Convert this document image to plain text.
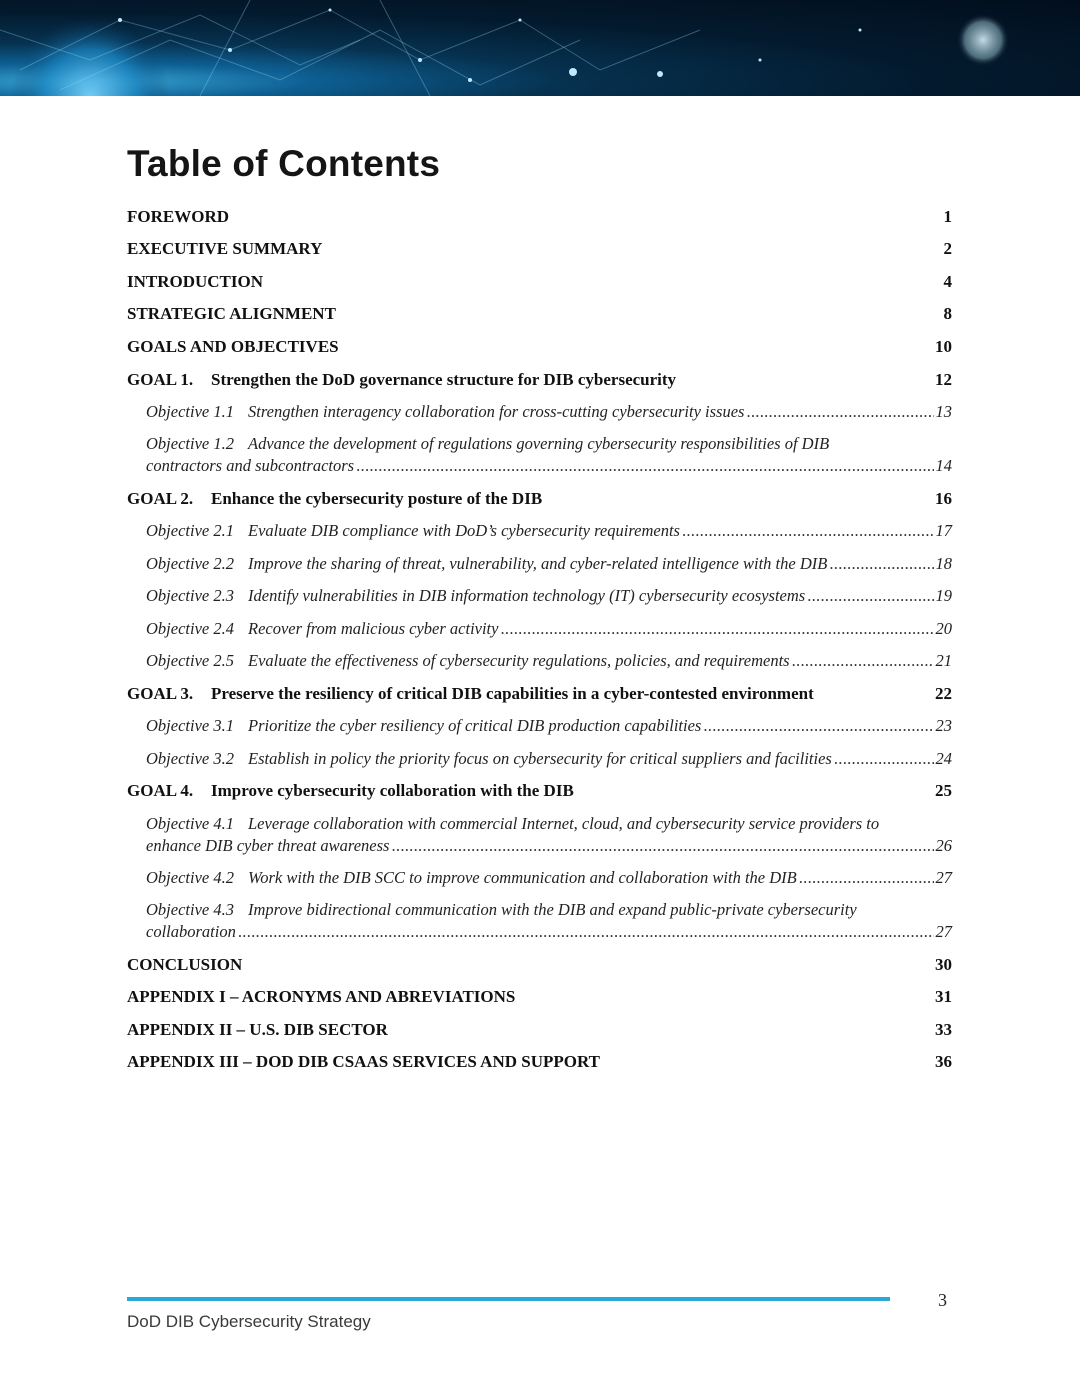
Table of Contents
FOREWORD	1
EXECUTIVE SUMMARY	2
INTRODUCTION	4
STRATEGIC ALIGNMENT	8
GOALS AND OBJECTIVES	10
GOAL 1. Strengthen the DoD governance structure for DIB cybersecurity	12
Objective 1.1 Strengthen interagency collaboration for cross-cutting cybersecurity issues .....	13
Objective 1.2 Advance the development of regulations governing cybersecurity responsibilities of DIB
contractors and subcontractors .....	14
GOAL 2. Enhance the cybersecurity posture of the DIB	16
Objective 2.1 Evaluate DIB compliance with DoD’s cybersecurity requirements .....	17
Objective 2.2 Improve the sharing of threat, vulnerability, and cyber-related intelligence with the DIB .....	18
Objective 2.3 Identify vulnerabilities in DIB information technology (IT) cybersecurity ecosystems .....	19
Objective 2.4 Recover from malicious cyber activity .....	20
Objective 2.5 Evaluate the effectiveness of cybersecurity regulations, policies, and requirements .....	21
GOAL 3. Preserve the resiliency of critical DIB capabilities in a cyber-contested environment	22
Objective 3.1 Prioritize the cyber resiliency of critical DIB production capabilities .....	23
Objective 3.2 Establish in policy the priority focus on cybersecurity for critical suppliers and facilities .....	24
GOAL 4. Improve cybersecurity collaboration with the DIB	25
Objective 4.1 Leverage collaboration with commercial Internet, cloud, and cybersecurity service providers to
enhance DIB cyber threat awareness .....	26
Objective 4.2 Work with the DIB SCC to improve communication and collaboration with the DIB .....	27
Objective 4.3 Improve bidirectional communication with the DIB and expand public-private cybersecurity
collaboration .....	27
CONCLUSION	30
APPENDIX I – ACRONYMS AND ABREVIATIONS	31
APPENDIX II – U.S. DIB SECTOR	33
APPENDIX III – DOD DIB CSAAS SERVICES AND SUPPORT	36
3
DoD DIB Cybersecurity Strategy
